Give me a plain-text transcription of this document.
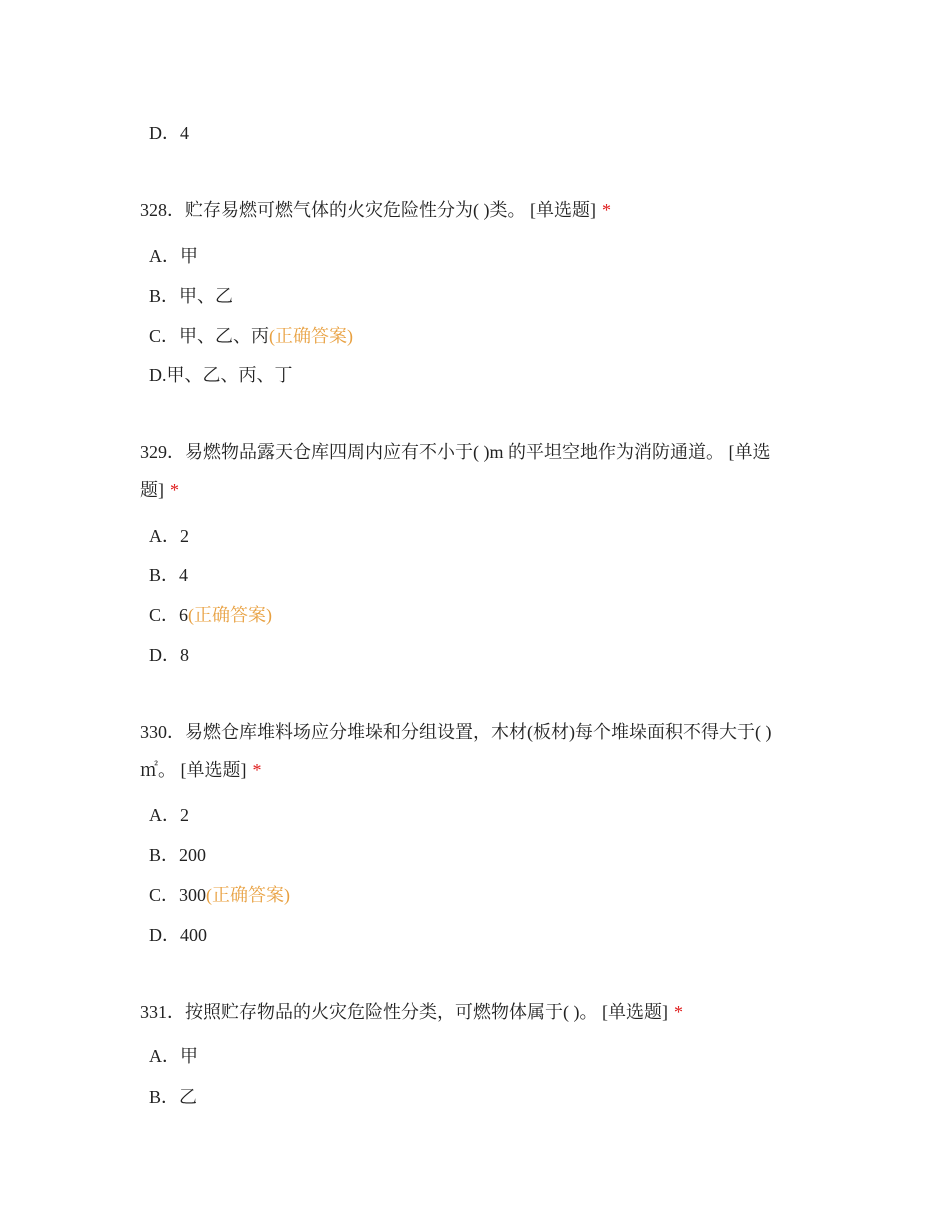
D．4
328．贮存易燃可燃气体的火灾危险性分为( )类。 [单选题] *
A．甲
B．甲、乙
C．甲、乙、丙(正确答案)
D.甲、乙、丙、丁
329．易燃物品露天仓库四周内应有不小于( )m 的平坦空地作为消防通道。 [单选题] *
A．2
B．4
C．6(正确答案)
D．8
330．易燃仓库堆料场应分堆垛和分组设置，木材(板材)每个堆垛面积不得大于( )㎡。 [单选题] *
A．2
B．200
C．300(正确答案)
D．400
331．按照贮存物品的火灾危险性分类，可燃物体属于( )。 [单选题] *
A．甲
B．乙
